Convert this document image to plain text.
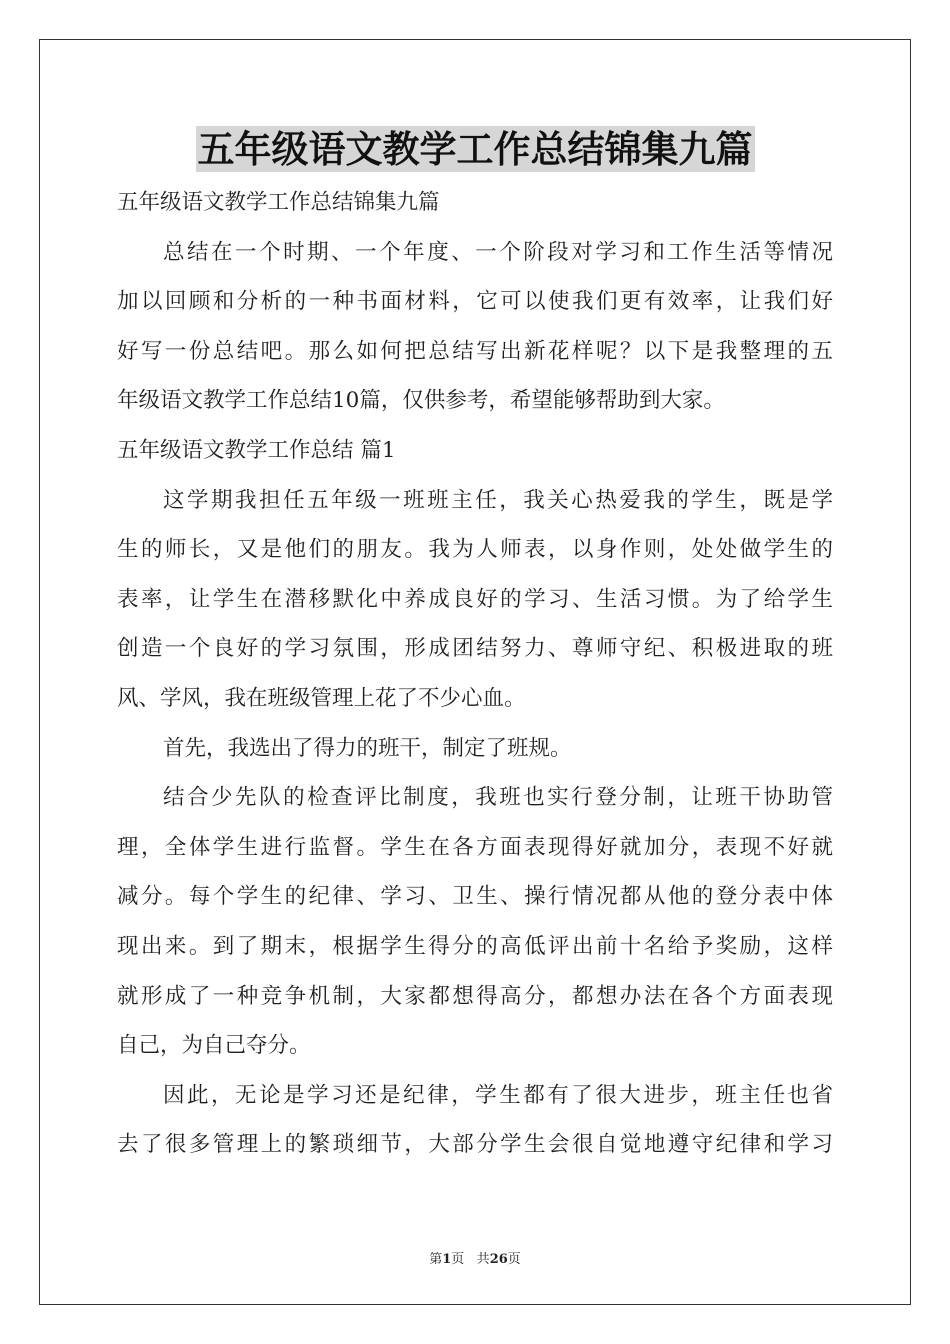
五年级语文教学工作总结锦集九篇
五年级语文教学工作总结锦集九篇
总结在一个时期、一个年度、一个阶段对学习和工作生活等情况
加以回顾和分析的一种书面材料，它可以使我们更有效率，让我们好
好写一份总结吧。那么如何把总结写出新花样呢？以下是我整理的五
年级语文教学工作总结10篇，仅供参考，希望能够帮助到大家。
五年级语文教学工作总结 篇1
这学期我担任五年级一班班主任，我关心热爱我的学生，既是学
生的师长，又是他们的朋友。我为人师表，以身作则，处处做学生的
表率，让学生在潜移默化中养成良好的学习、生活习惯。为了给学生
创造一个良好的学习氛围，形成团结努力、尊师守纪、积极进取的班
风、学风，我在班级管理上花了不少心血。
首先，我选出了得力的班干，制定了班规。
结合少先队的检查评比制度，我班也实行登分制，让班干协助管
理，全体学生进行监督。学生在各方面表现得好就加分，表现不好就
减分。每个学生的纪律、学习、卫生、操行情况都从他的登分表中体
现出来。到了期末，根据学生得分的高低评出前十名给予奖励，这样
就形成了一种竞争机制，大家都想得高分，都想办法在各个方面表现
自己，为自己夺分。
因此，无论是学习还是纪律，学生都有了很大进步，班主任也省
去了很多管理上的繁琐细节，大部分学生会很自觉地遵守纪律和学习
第1页 共26页
